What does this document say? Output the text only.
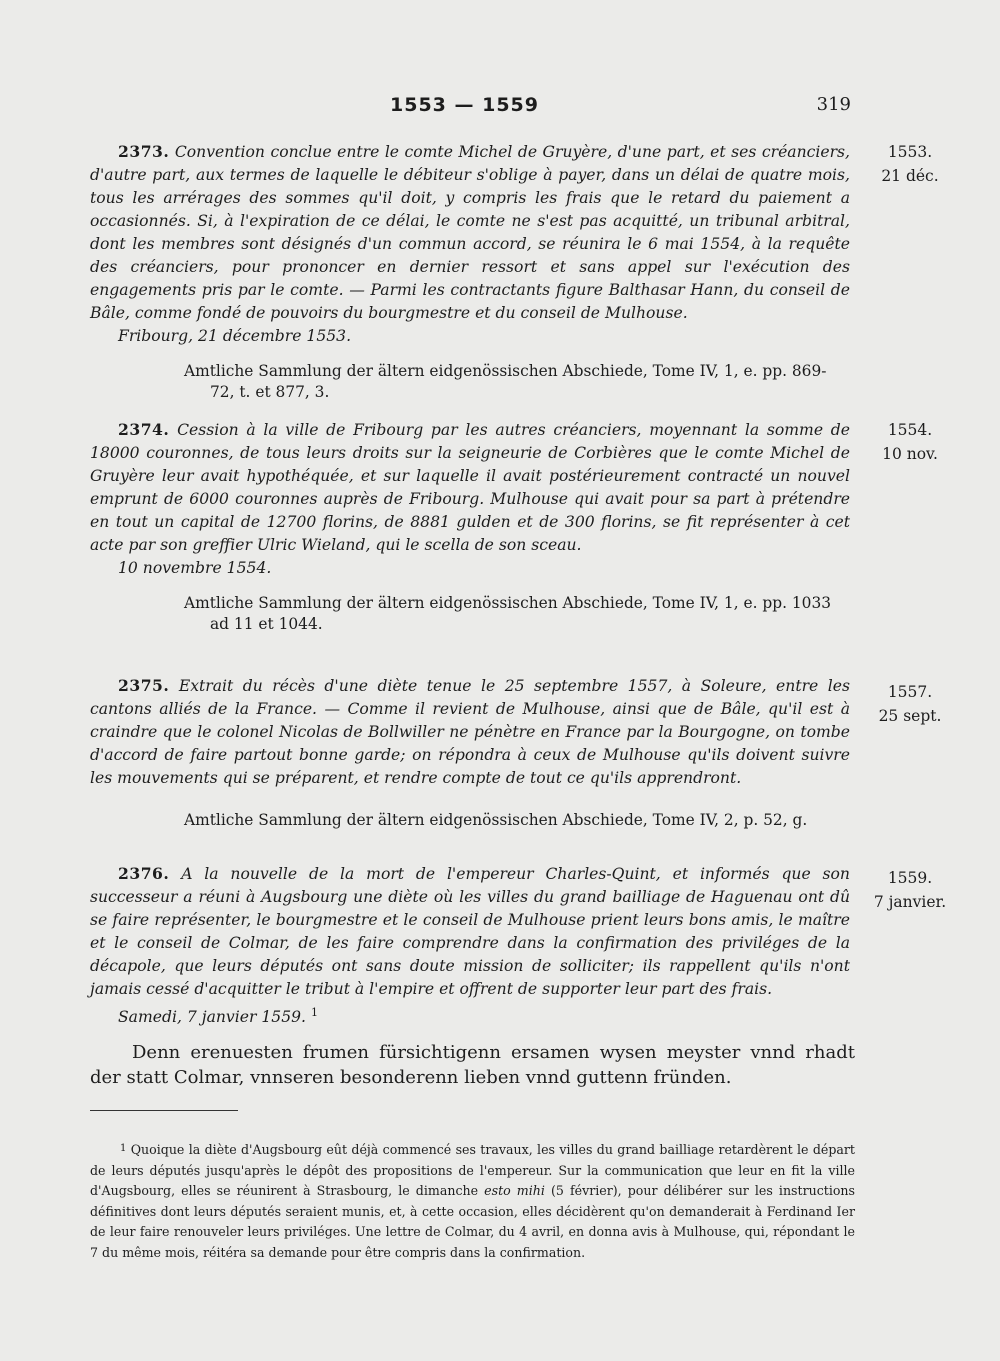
1553 — 1559	319

2373. Convention conclue entre le comte Michel de Gruyère, d'une part, et ses créanciers, d'autre part, aux termes de laquelle le débiteur s'oblige à payer, dans un délai de quatre mois, tous les arrérages des sommes qu'il doit, y compris les frais que le retard du paiement a occasionnés. Si, à l'expiration de ce délai, le comte ne s'est pas acquitté, un tribunal arbitral, dont les membres sont désignés d'un commun accord, se réunira le 6 mai 1554, à la requête des créanciers, pour prononcer en dernier ressort et sans appel sur l'exécution des engagements pris par le comte. — Parmi les contractants figure Balthasar Hann, du conseil de Bâle, comme fondé de pouvoirs du bourgmestre et du conseil de Mulhouse.

Fribourg, 21 décembre 1553.

Amtliche Sammlung der ältern eidgenössischen Abschiede, Tome IV, 1, e. pp. 869-72, t. et 877, 3.

1553.
21 déc.

2374. Cession à la ville de Fribourg par les autres créanciers, moyennant la somme de 18000 couronnes, de tous leurs droits sur la seigneurie de Corbières que le comte Michel de Gruyère leur avait hypothéquée, et sur laquelle il avait postérieurement contracté un nouvel emprunt de 6000 couronnes auprès de Fribourg. Mulhouse qui avait pour sa part à prétendre en tout un capital de 12700 florins, de 8881 gulden et de 300 florins, se fit représenter à cet acte par son greffier Ulric Wieland, qui le scella de son sceau.

10 novembre 1554.

Amtliche Sammlung der ältern eidgenössischen Abschiede, Tome IV, 1, e. pp. 1033 ad 11 et 1044.

1554.
10 nov.

2375. Extrait du récès d'une diète tenue le 25 septembre 1557, à Soleure, entre les cantons alliés de la France. — Comme il revient de Mulhouse, ainsi que de Bâle, qu'il est à craindre que le colonel Nicolas de Bollwiller ne pénètre en France par la Bourgogne, on tombe d'accord de faire partout bonne garde; on répondra à ceux de Mulhouse qu'ils doivent suivre les mouvements qui se préparent, et rendre compte de tout ce qu'ils apprendront.

Amtliche Sammlung der ältern eidgenössischen Abschiede, Tome IV, 2, p. 52, g.

1557.
25 sept.

2376. A la nouvelle de la mort de l'empereur Charles-Quint, et informés que son successeur a réuni à Augsbourg une diète où les villes du grand bailliage de Haguenau ont dû se faire représenter, le bourgmestre et le conseil de Mulhouse prient leurs bons amis, le maître et le conseil de Colmar, de les faire comprendre dans la confirmation des priviléges de la décapole, que leurs députés ont sans doute mission de solliciter; ils rappellent qu'ils n'ont jamais cessé d'acquitter le tribut à l'empire et offrent de supporter leur part des frais.

Samedi, 7 janvier 1559. $^1$

1559.
7 janvier.

Denn erenuesten frumen fürsichtigenn ersamen wysen meyster vnnd rhadt der statt Colmar, vnnseren besonderenn lieben vnnd guttenn fründen.

$^1$ Quoique la diète d'Augsbourg eût déjà commencé ses travaux, les villes du grand bailliage retardèrent le départ de leurs députés jusqu'après le dépôt des propositions de l'empereur. Sur la communication que leur en fit la ville d'Augsbourg, elles se réunirent à Strasbourg, le dimanche esto mihi (5 février), pour délibérer sur les instructions définitives dont leurs députés seraient munis, et, à cette occasion, elles décidèrent qu'on demanderait à Ferdinand Ier de leur faire renouveler leurs priviléges. Une lettre de Colmar, du 4 avril, en donna avis à Mulhouse, qui, répondant le 7 du même mois, réitéra sa demande pour être compris dans la confirmation.
